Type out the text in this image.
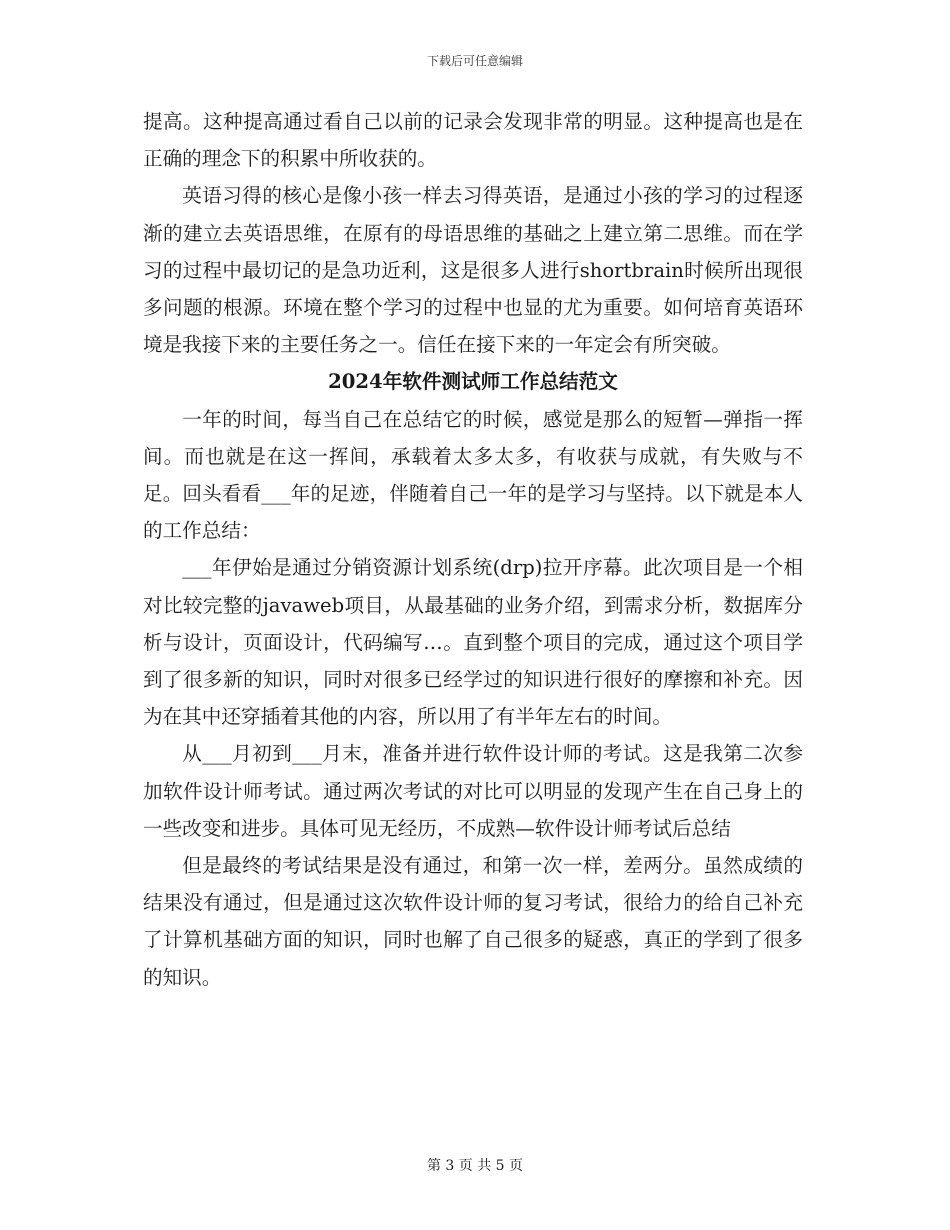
下载后可任意编辑

提高。这种提高通过看自己以前的记录会发现非常的明显。这种提高也是在正确的理念下的积累中所收获的。

英语习得的核心是像小孩一样去习得英语，是通过小孩的学习的过程逐渐的建立去英语思维，在原有的母语思维的基础之上建立第二思维。而在学习的过程中最切记的是急功近利，这是很多人进行shortbrain时候所出现很多问题的根源。环境在整个学习的过程中也显的尤为重要。如何培育英语环境是我接下来的主要任务之一。信任在接下来的一年定会有所突破。

2024年软件测试师工作总结范文

一年的时间，每当自己在总结它的时候，感觉是那么的短暂—弹指一挥间。而也就是在这一挥间，承载着太多太多，有收获与成就，有失败与不足。回头看看___年的足迹，伴随着自己一年的是学习与坚持。以下就是本人的工作总结：

___年伊始是通过分销资源计划系统(drp)拉开序幕。此次项目是一个相对比较完整的javaweb项目，从最基础的业务介绍，到需求分析，数据库分析与设计，页面设计，代码编写…。直到整个项目的完成，通过这个项目学到了很多新的知识，同时对很多已经学过的知识进行很好的摩擦和补充。因为在其中还穿插着其他的内容，所以用了有半年左右的时间。

从___月初到___月末，准备并进行软件设计师的考试。这是我第二次参加软件设计师考试。通过两次考试的对比可以明显的发现产生在自己身上的一些改变和进步。具体可见无经历，不成熟—软件设计师考试后总结

但是最终的考试结果是没有通过，和第一次一样，差两分。虽然成绩的结果没有通过，但是通过这次软件设计师的复习考试，很给力的给自己补充了计算机基础方面的知识，同时也解了自己很多的疑惑，真正的学到了很多的知识。

第 3 页 共 5 页
